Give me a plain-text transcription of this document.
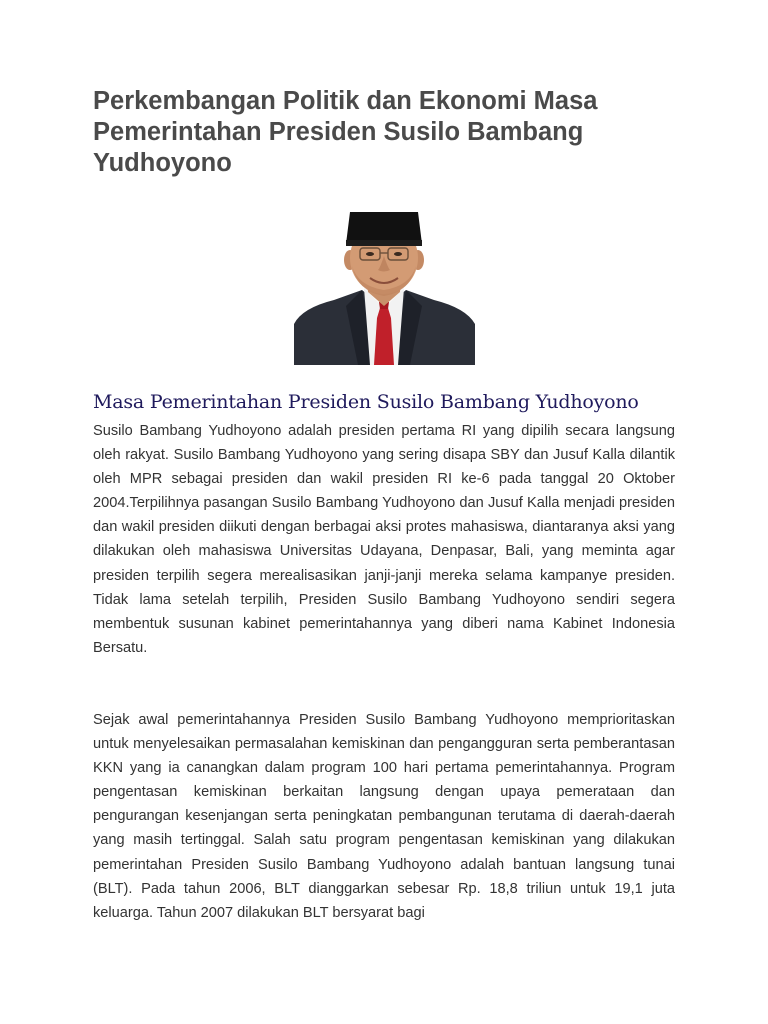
Perkembangan Politik dan Ekonomi Masa Pemerintahan Presiden Susilo Bambang Yudhoyono
Masa Pemerintahan Presiden Susilo Bambang Yudhoyono

Susilo Bambang Yudhoyono adalah presiden pertama RI yang dipilih secara langsung oleh rakyat. Susilo Bambang Yudhoyono yang sering disapa SBY dan Jusuf Kalla dilantik oleh MPR sebagai presiden dan wakil presiden RI ke-6 pada tanggal 20 Oktober 2004.Terpilihnya pasangan Susilo Bambang Yudhoyono dan Jusuf Kalla menjadi presiden dan wakil presiden diikuti dengan berbagai aksi protes mahasiswa, diantaranya aksi yang dilakukan oleh mahasiswa Universitas Udayana, Denpasar, Bali, yang meminta agar presiden terpilih segera merealisasikan janji-janji mereka selama kampanye presiden. Tidak lama setelah terpilih, Presiden Susilo Bambang Yudhoyono sendiri segera membentuk susunan kabinet pemerintahannya yang diberi nama Kabinet Indonesia Bersatu.

Sejak awal pemerintahannya Presiden Susilo Bambang Yudhoyono memprioritaskan untuk menyelesaikan permasalahan kemiskinan dan pengangguran serta pemberantasan KKN yang ia canangkan dalam program 100 hari pertama pemerintahannya. Program pengentasan kemiskinan berkaitan langsung dengan upaya pemerataan dan pengurangan kesenjangan serta peningkatan pembangunan terutama di daerah-daerah yang masih tertinggal. Salah satu program pengentasan kemiskinan yang dilakukan pemerintahan Presiden Susilo Bambang Yudhoyono adalah bantuan langsung tunai (BLT). Pada tahun 2006, BLT dianggarkan sebesar Rp. 18,8 triliun untuk 19,1 juta keluarga. Tahun 2007 dilakukan BLT bersyarat bagi
